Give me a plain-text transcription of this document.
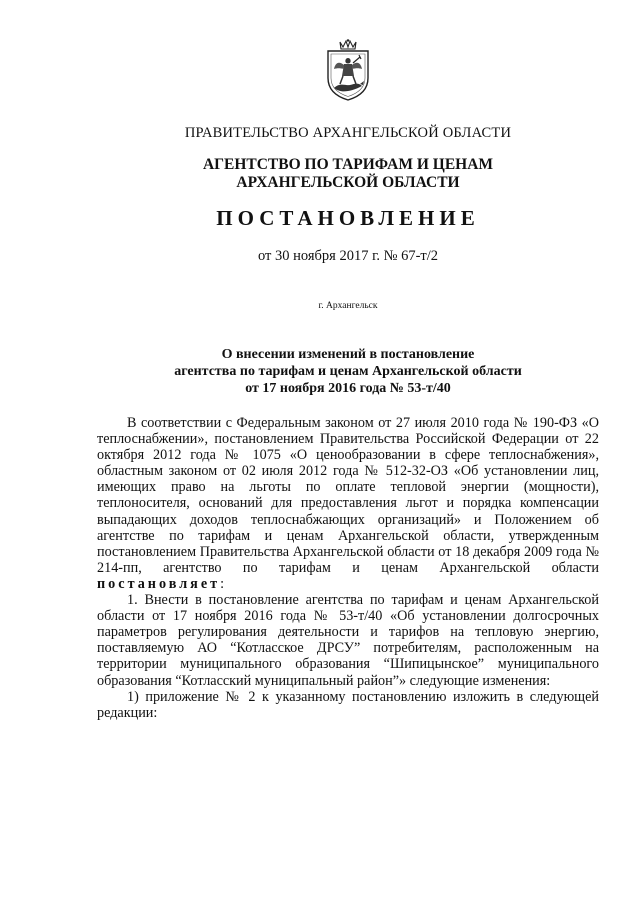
ПРАВИТЕЛЬСТВО АРХАНГЕЛЬСКОЙ ОБЛАСТИ
АГЕНТСТВО ПО ТАРИФАМ И ЦЕНАМ
АРХАНГЕЛЬСКОЙ ОБЛАСТИ
ПОСТАНОВЛЕНИЕ
от 30 ноября 2017 г. № 67-т/2
г. Архангельск
О внесении изменений в постановление
агентства по тарифам и ценам Архангельской области
от 17 ноября 2016 года № 53-т/40

В соответствии с Федеральным законом от 27 июля 2010 года № 190-ФЗ «О теплоснабжении», постановлением Правительства Российской Федерации от 22 октября 2012 года № 1075 «О ценообразовании в сфере теплоснабжения», областным законом от 02 июля 2012 года № 512-32-ОЗ «Об установлении лиц, имеющих право на льготы по оплате тепловой энергии (мощности), теплоносителя, оснований для предоставления льгот и порядка компенсации выпадающих доходов теплоснабжающих организаций» и Положением об агентстве по тарифам и ценам Архангельской области, утвержденным постановлением Правительства Архангельской области от 18 декабря 2009 года № 214-пп, агентство по тарифам и ценам Архангельской области постановляет:

1. Внести в постановление агентства по тарифам и ценам Архангельской области от 17 ноября 2016 года № 53-т/40 «Об установлении долгосрочных параметров регулирования деятельности и тарифов на тепловую энергию, поставляемую АО “Котласское ДРСУ” потребителям, расположенным на территории муниципального образования “Шипицынское” муниципального образования “Котласский муниципальный район”» следующие изменения:

1) приложение № 2 к указанному постановлению изложить в следующей редакции:
